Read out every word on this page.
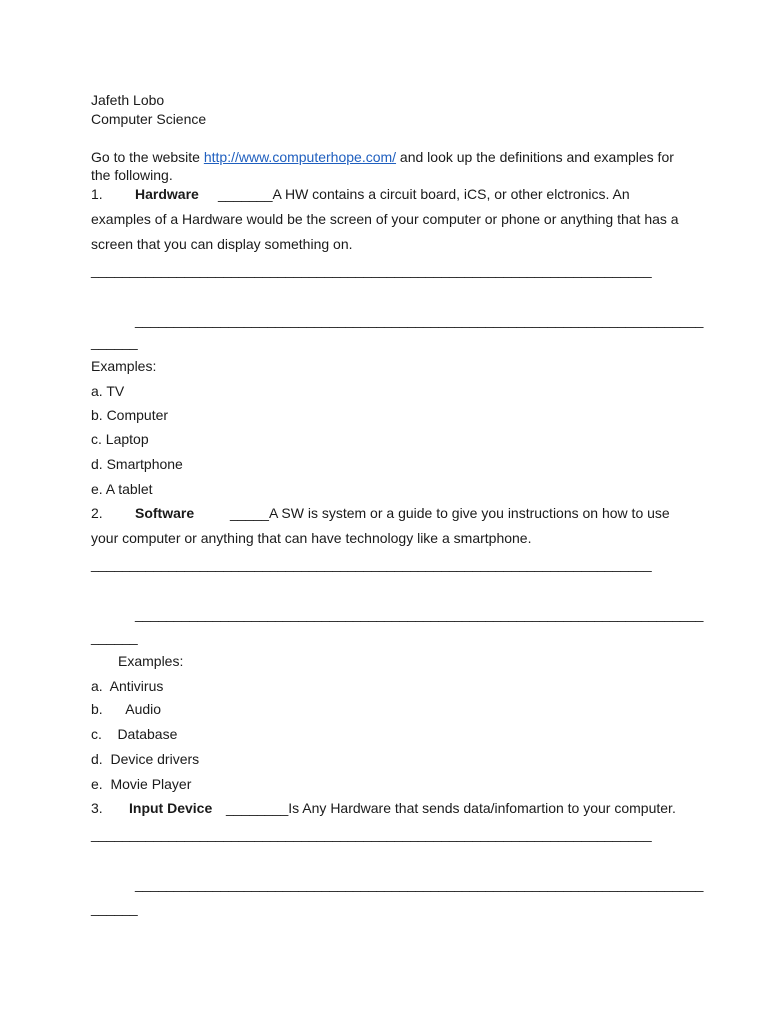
Jafeth Lobo
Computer Science
Go to the website http://www.computerhope.com/ and look up the definitions and examples for
the following.
1. Hardware _______A HW contains a circuit board, iCS, or other elctronics. An
examples of a Hardware would be the screen of your computer or phone or anything that has a
screen that you can display something on.
________________________________________________________________________
_________________________________________________________________________
______
Examples:
a. TV
b. Computer
c. Laptop
d. Smartphone
e. A tablet
2. Software	_____A SW is system or a guide to give you instructions on how to use
your computer or anything that can have technology like a smartphone.
________________________________________________________________________
_________________________________________________________________________
______
Examples:
a.  Antivirus
b.      Audio
c.    Database
d.  Device drivers
e.  Movie Player
3. Input Device ________Is Any Hardware that sends data/infomartion to your computer.
________________________________________________________________________
_________________________________________________________________________
______
